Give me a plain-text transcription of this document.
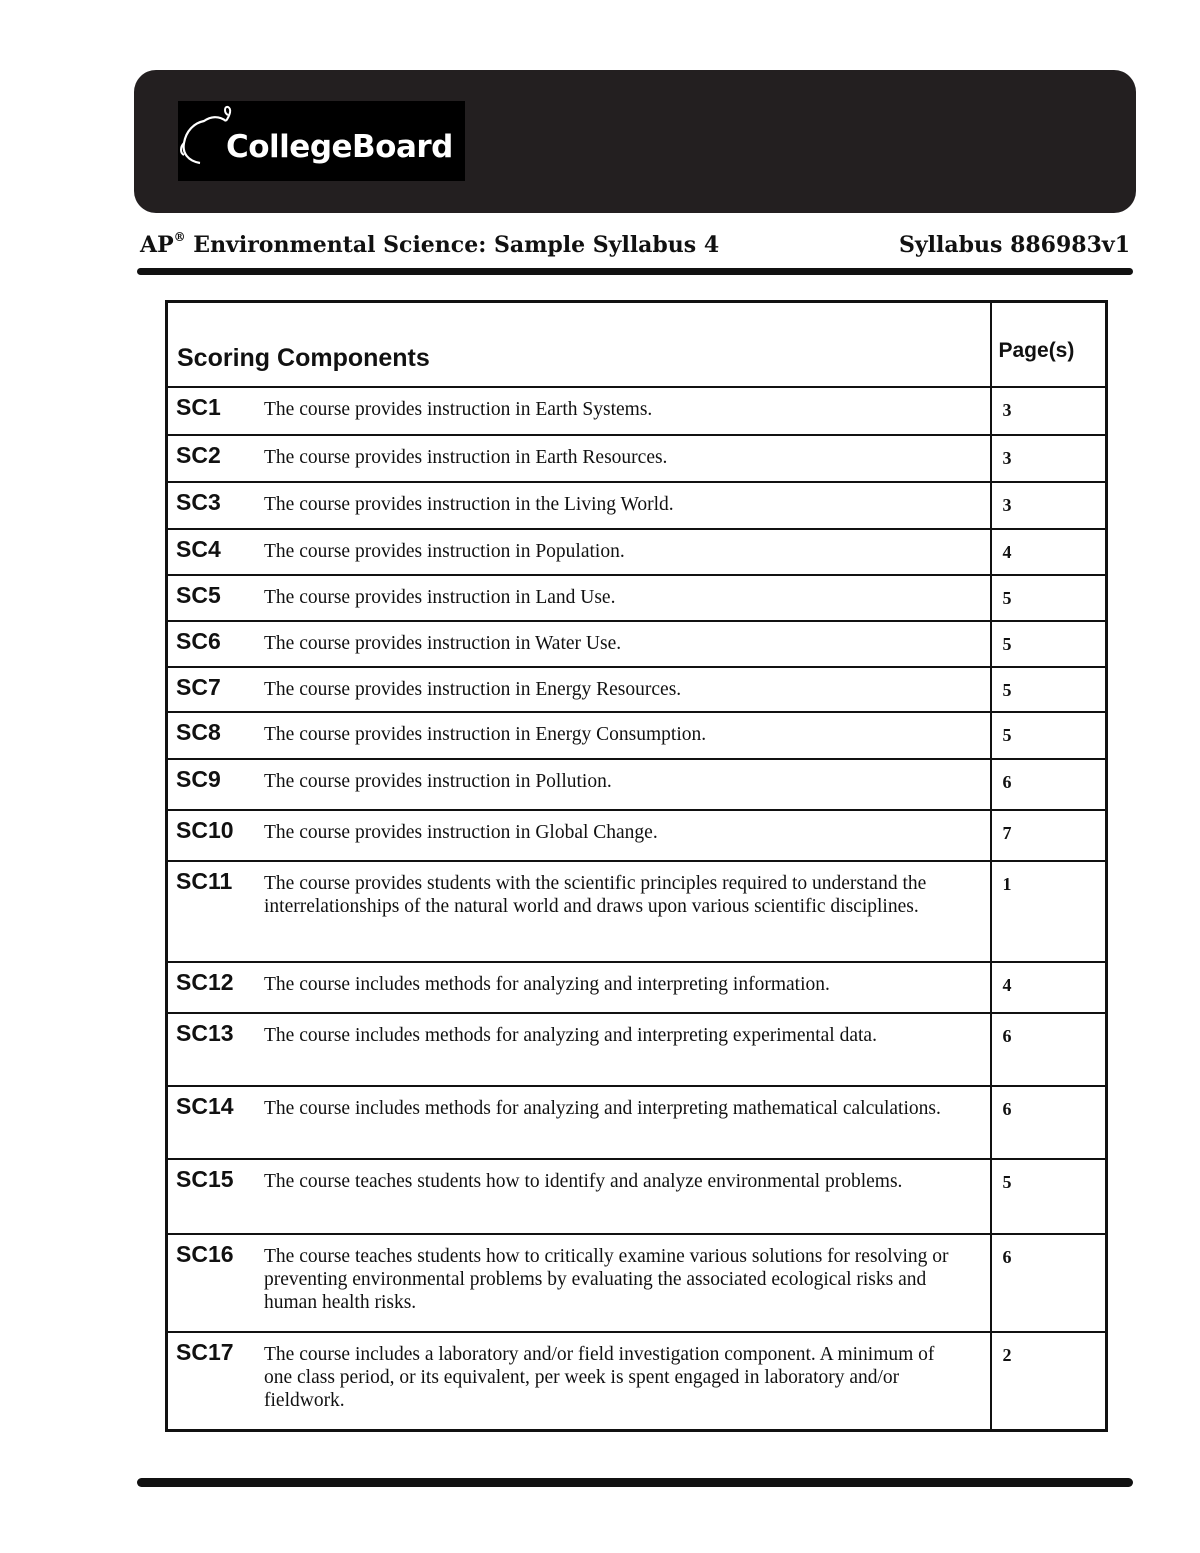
CollegeBoard
AP® Environmental Science: Sample Syllabus 4	Syllabus 886983v1
Scoring Components	Page(s)

SC1 The course provides instruction in Earth Systems.	3

SC2 The course provides instruction in Earth Resources.	3

SC3 The course provides instruction in the Living World.	3

SC4 The course provides instruction in Population.	4

SC5 The course provides instruction in Land Use.	5

SC6 The course provides instruction in Water Use.	5

SC7 The course provides instruction in Energy Resources.	5

SC8 The course provides instruction in Energy Consumption.	5

SC9 The course provides instruction in Pollution.	6

SC10 The course provides instruction in Global Change.	7

SC11 The course provides students with the scientific principles required to understand the interrelationships of the natural world and draws upon various scientific disciplines.	1

SC12 The course includes methods for analyzing and interpreting information.	4

SC13 The course includes methods for analyzing and interpreting experimental data.	6

SC14 The course includes methods for analyzing and interpreting mathematical calculations.	6

SC15 The course teaches students how to identify and analyze environmental problems.	5

SC16 The course teaches students how to critically examine various solutions for resolving or preventing environmental problems by evaluating the associated ecological risks and human health risks.	6

SC17 The course includes a laboratory and/or field investigation component. A minimum of one class period, or its equivalent, per week is spent engaged in laboratory and/or fieldwork.	2
